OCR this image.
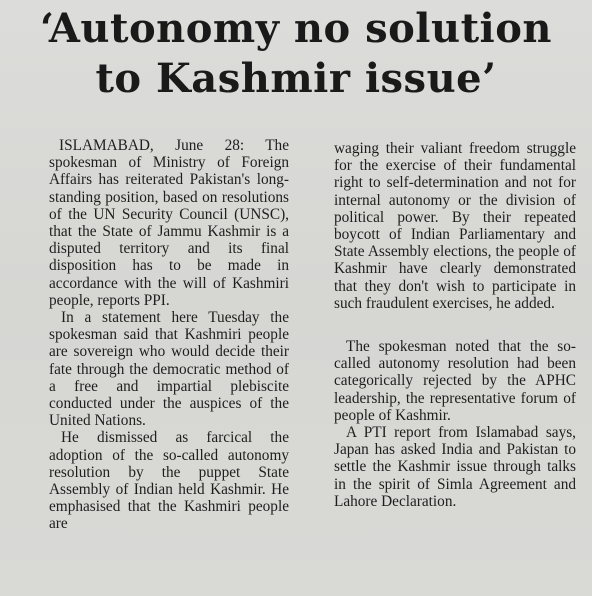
‘Autonomy no solution
to Kashmir issue’

ISLAMABAD, June 28: The spokesman of Ministry of Foreign Affairs has reiterated Pakistan's long-standing position, based on resolutions of the UN Security Council (UNSC), that the State of Jammu Kashmir is a disputed territory and its final disposition has to be made in accordance with the will of Kashmiri people, reports PPI.

In a statement here Tuesday the spokesman said that Kashmiri people are sovereign who would decide their fate through the democratic method of a free and impartial plebiscite conducted under the auspices of the United Nations.

He dismissed as farcical the adoption of the so-called autonomy resolution by the puppet State Assembly of Indian held Kashmir. He emphasised that the Kashmiri people are

waging their valiant freedom struggle for the exercise of their fundamental right to self-determination and not for internal autonomy or the division of political power. By their repeated boycott of Indian Parliamentary and State Assembly elections, the people of Kashmir have clearly demonstrated that they don't wish to participate in such fraudulent exercises, he added.

The spokesman noted that the so-called autonomy resolution had been categorically rejected by the APHC leadership, the representative forum of people of Kashmir.

A PTI report from Islamabad says, Japan has asked India and Pakistan to settle the Kashmir issue through talks in the spirit of Simla Agreement and Lahore Declaration.
